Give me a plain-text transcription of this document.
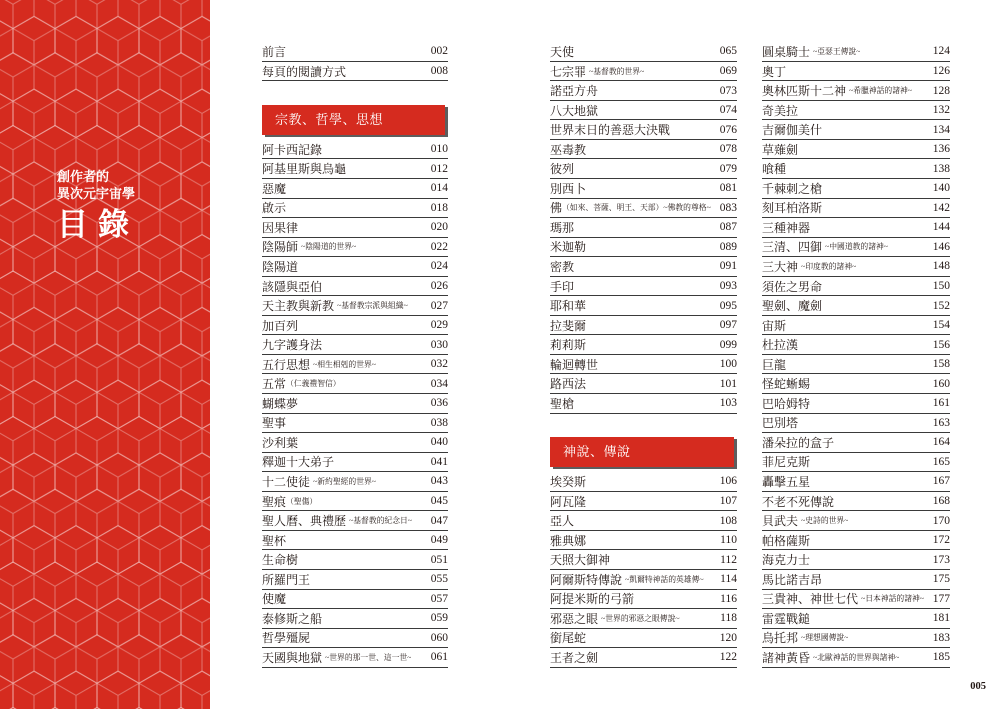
創作者的
異次元宇宙學
目錄
前言	002
每頁的閱讀方式	008
宗教、哲學、思想
阿卡西記錄	010
阿基里斯與烏龜	012
惡魔	014
啟示	018
因果律	020
陰陽師 ~陰陽道的世界~	022
陰陽道	024
該隱與亞伯	026
天主教與新教 ~基督教宗派與組織~	027
加百列	029
九字護身法	030
五行思想 ~相生相剋的世界~	032
五常 （仁義禮智信）	034
蝴蝶夢	036
聖事	038
沙利葉	040
釋迦十大弟子	041
十二使徒 ~新約聖經的世界~	043
聖痕 （聖傷）	045
聖人曆、典禮歷 ~基督教的紀念日~	047
聖杯	049
生命樹	051
所羅門王	055
使魔	057
泰修斯之船	059
哲學殭屍	060
天國與地獄 ~世界的那一世、這一世~	061
天使	065
七宗罪 ~基督教的世界~	069
諾亞方舟	073
八大地獄	074
世界末日的善惡大決戰	076
巫毒教	078
彼列	079
別西卜	081
佛 （如來、菩薩、明王、天部）~佛教的尊格~ 083
瑪那	087
米迦勒	089
密教	091
手印	093
耶和華	095
拉斐爾	097
莉莉斯	099
輪迴轉世	100
路西法	101
聖槍	103
神說、傳說
埃癸斯	106
阿瓦隆	107
亞人	108
雅典娜	110
天照大御神	112
阿爾斯特傳說 ~凱爾特神話的英雄傳~	114
阿提米斯的弓箭	116
邪惡之眼 ~世界的邪惡之眼傳說~	118
銜尾蛇	120
王者之劍	122
圓桌騎士 ~亞瑟王傳說~	124
奧丁	126
奧林匹斯十二神 ~希臘神話的諸神~	128
奇美拉	132
吉爾伽美什	134
草薙劍	136
喰種	138
千棘刺之槍	140
刻耳柏洛斯	142
三種神器	144
三清、四御 ~中國道教的諸神~	146
三大神 ~印度教的諸神~	148
須佐之男命	150
聖劍、魔劍	152
宙斯	154
杜拉漢	156
巨龍	158
怪蛇蜥蜴	160
巴哈姆特	161
巴別塔	163
潘朵拉的盒子	164
菲尼克斯	165
轟擊五星	167
不老不死傳說	168
貝武夫 ~史詩的世界~	170
帕格薩斯	172
海克力士	173
馬比諾吉昂	175
三貴神、神世七代 ~日本神話的諸神~ 177
雷霆戰鎚	181
烏托邦 ~理想國傳說~	183
諸神黃昏 ~北歐神話的世界與諸神~	185
005
